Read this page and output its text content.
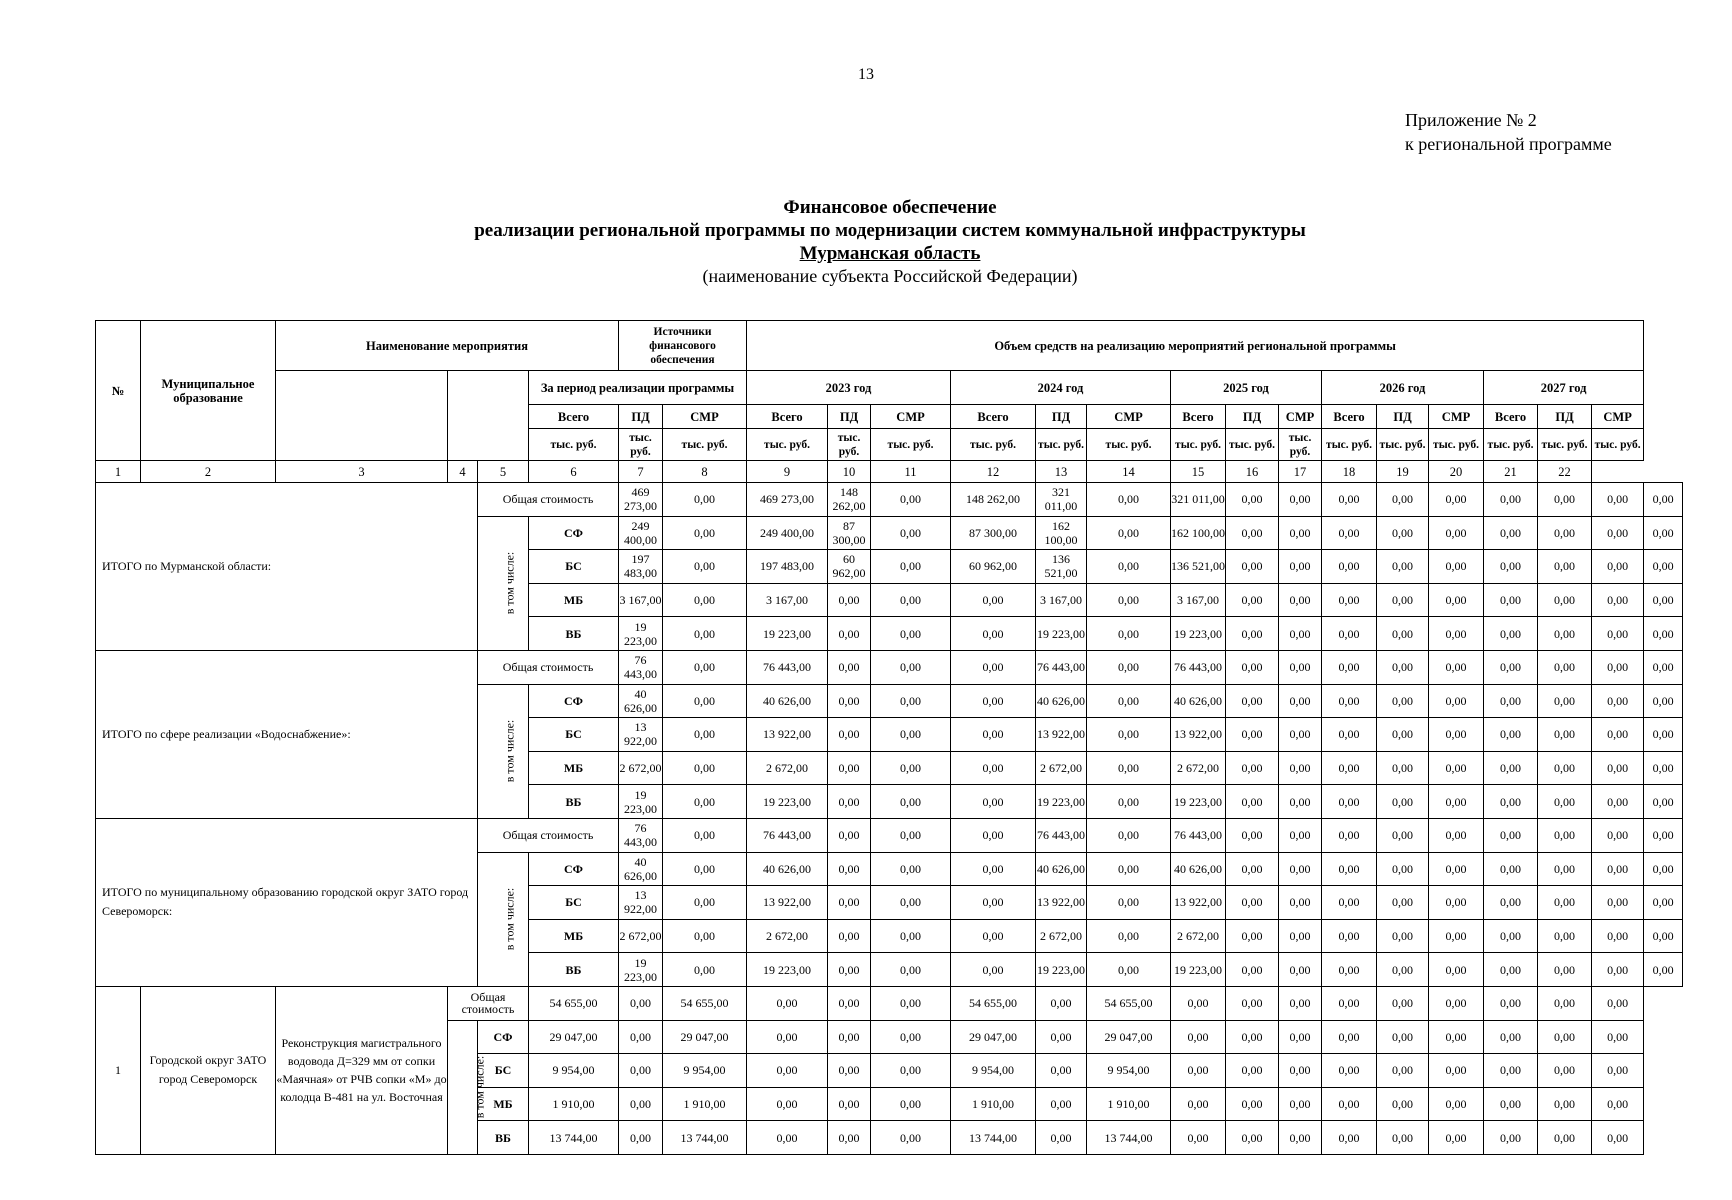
13
Приложение № 2
к региональной программе
Финансовое обеспечение
реализации региональной программы по модернизации систем коммунальной инфраструктуры
Мурманская область
(наименование субъекта Российской Федерации)
№	Муниципальное образование	Наименование мероприятия				Источники финансового обеспечения		Объем средств на реализацию мероприятий региональной программы															
					За период реализации программы			2023 год			2024 год			2025 год			2026 год			2027 год			
					Всего	ПД	СМР	Всего	ПД	СМР	Всего	ПД	СМР	Всего	ПД	СМР	Всего	ПД	СМР	Всего	ПД	СМР	
					тыс. руб.	тыс. руб.	тыс. руб.	тыс. руб.	тыс. руб.	тыс. руб.	тыс. руб.	тыс. руб.	тыс. руб.	тыс. руб.	тыс. руб.	тыс. руб.	тыс. руб.	тыс. руб.	тыс. руб.	тыс. руб.	тыс. руб.	тыс. руб.	
1	2	3	4	5	6	7	8	9	10	11	12	13	14	15	16	17	18	19	20	21	22		
ИТОГО по Мурманской области:				Общая стоимость		469 273,00	0,00	469 273,00	148 262,00	0,00	148 262,00	321 011,00	0,00	321 011,00	0,00	0,00	0,00	0,00	0,00	0,00	0,00	0,00	0,00
				в том числе:	СФ	249 400,00	0,00	249 400,00	87 300,00	0,00	87 300,00	162 100,00	0,00	162 100,00	0,00	0,00	0,00	0,00	0,00	0,00	0,00	0,00	0,00
					БС	197 483,00	0,00	197 483,00	60 962,00	0,00	60 962,00	136 521,00	0,00	136 521,00	0,00	0,00	0,00	0,00	0,00	0,00	0,00	0,00	0,00
					МБ	3 167,00	0,00	3 167,00	0,00	0,00	0,00	3 167,00	0,00	3 167,00	0,00	0,00	0,00	0,00	0,00	0,00	0,00	0,00	0,00
					ВБ	19 223,00	0,00	19 223,00	0,00	0,00	0,00	19 223,00	0,00	19 223,00	0,00	0,00	0,00	0,00	0,00	0,00	0,00	0,00	0,00
ИТОГО по сфере реализации «Водоснабжение»:				Общая стоимость		76 443,00	0,00	76 443,00	0,00	0,00	0,00	76 443,00	0,00	76 443,00	0,00	0,00	0,00	0,00	0,00	0,00	0,00	0,00	0,00
				в том числе:	СФ	40 626,00	0,00	40 626,00	0,00	0,00	0,00	40 626,00	0,00	40 626,00	0,00	0,00	0,00	0,00	0,00	0,00	0,00	0,00	0,00
					БС	13 922,00	0,00	13 922,00	0,00	0,00	0,00	13 922,00	0,00	13 922,00	0,00	0,00	0,00	0,00	0,00	0,00	0,00	0,00	0,00
					МБ	2 672,00	0,00	2 672,00	0,00	0,00	0,00	2 672,00	0,00	2 672,00	0,00	0,00	0,00	0,00	0,00	0,00	0,00	0,00	0,00
					ВБ	19 223,00	0,00	19 223,00	0,00	0,00	0,00	19 223,00	0,00	19 223,00	0,00	0,00	0,00	0,00	0,00	0,00	0,00	0,00	0,00
ИТОГО по муниципальному образованию городской округ ЗАТО город Североморск:				Общая стоимость		76 443,00	0,00	76 443,00	0,00	0,00	0,00	76 443,00	0,00	76 443,00	0,00	0,00	0,00	0,00	0,00	0,00	0,00	0,00	0,00
				в том числе:	СФ	40 626,00	0,00	40 626,00	0,00	0,00	0,00	40 626,00	0,00	40 626,00	0,00	0,00	0,00	0,00	0,00	0,00	0,00	0,00	0,00
					БС	13 922,00	0,00	13 922,00	0,00	0,00	0,00	13 922,00	0,00	13 922,00	0,00	0,00	0,00	0,00	0,00	0,00	0,00	0,00	0,00
					МБ	2 672,00	0,00	2 672,00	0,00	0,00	0,00	2 672,00	0,00	2 672,00	0,00	0,00	0,00	0,00	0,00	0,00	0,00	0,00	0,00
					ВБ	19 223,00	0,00	19 223,00	0,00	0,00	0,00	19 223,00	0,00	19 223,00	0,00	0,00	0,00	0,00	0,00	0,00	0,00	0,00	0,00
1	Городской округ ЗАТО город Североморск	Реконструкция магистрального водовода Д=329 мм от сопки «Маячная» от РЧВ сопки «М» до колодца В-481 на ул. Восточная	Общая стоимость		54 655,00	0,00	54 655,00	0,00	0,00	0,00	54 655,00	0,00	54 655,00	0,00	0,00	0,00	0,00	0,00	0,00	0,00	0,00	0,00	
			в том числе:	СФ	29 047,00	0,00	29 047,00	0,00	0,00	0,00	29 047,00	0,00	29 047,00	0,00	0,00	0,00	0,00	0,00	0,00	0,00	0,00	0,00	
				БС	9 954,00	0,00	9 954,00	0,00	0,00	0,00	9 954,00	0,00	9 954,00	0,00	0,00	0,00	0,00	0,00	0,00	0,00	0,00	0,00	
				МБ	1 910,00	0,00	1 910,00	0,00	0,00	0,00	1 910,00	0,00	1 910,00	0,00	0,00	0,00	0,00	0,00	0,00	0,00	0,00	0,00	
				ВБ	13 744,00	0,00	13 744,00	0,00	0,00	0,00	13 744,00	0,00	13 744,00	0,00	0,00	0,00	0,00	0,00	0,00	0,00	0,00	0,00	
